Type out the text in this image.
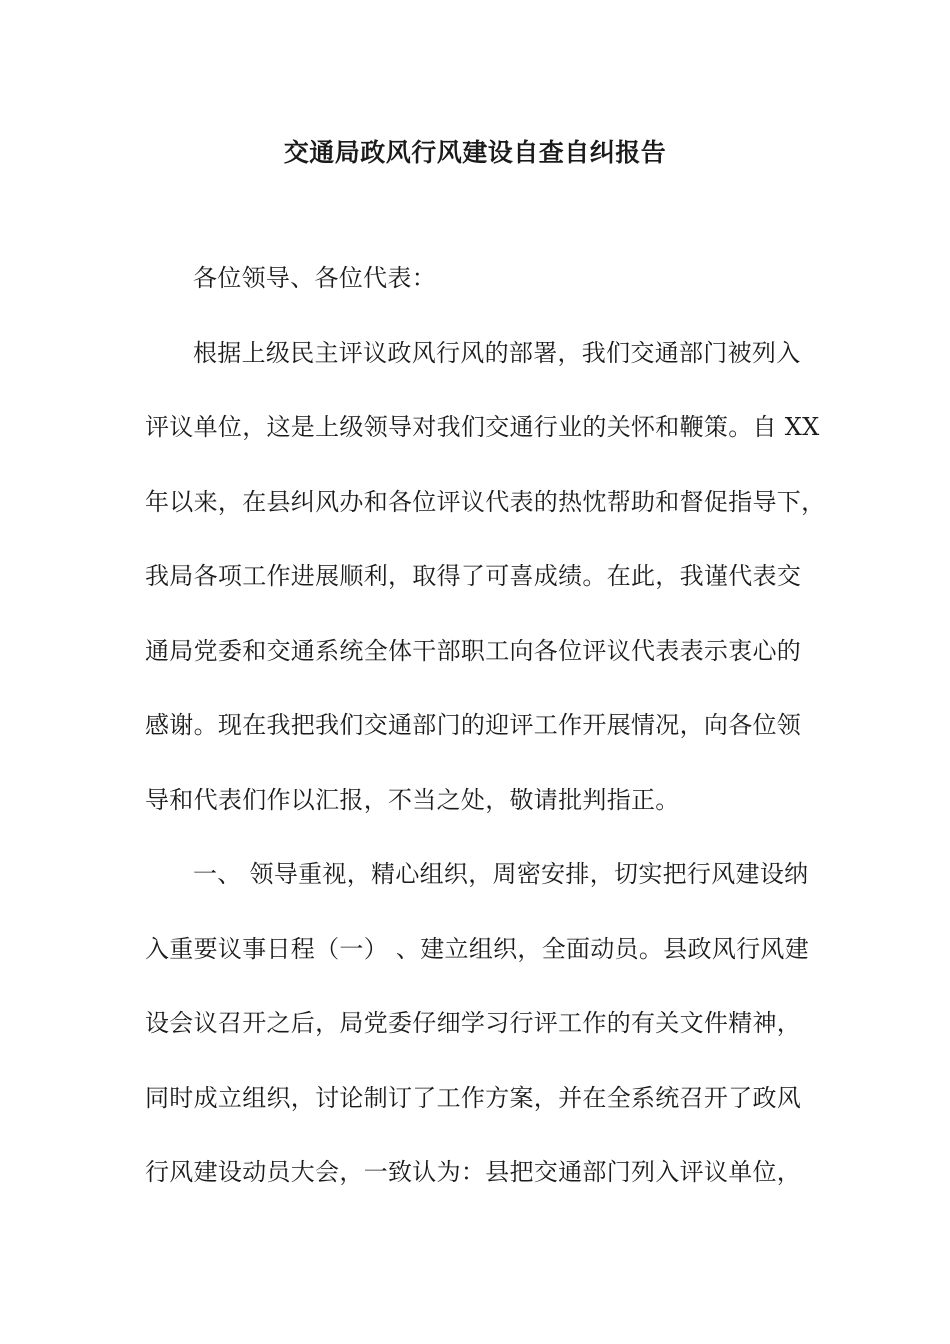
交通局政风行风建设自查自纠报告

各位领导、各位代表：

根据上级民主评议政风行风的部署，我们交通部门被列入

评议单位，这是上级领导对我们交通行业的关怀和鞭策。自 XX

年以来，在县纠风办和各位评议代表的热忱帮助和督促指导下，

我局各项工作进展顺利，取得了可喜成绩。在此，我谨代表交

通局党委和交通系统全体干部职工向各位评议代表表示衷心的

感谢。现在我把我们交通部门的迎评工作开展情况，向各位领

导和代表们作以汇报，不当之处，敬请批判指正。

一、 领导重视，精心组织，周密安排，切实把行风建设纳

入重要议事日程（一） 、建立组织，全面动员。县政风行风建

设会议召开之后，局党委仔细学习行评工作的有关文件精神，

同时成立组织，讨论制订了工作方案，并在全系统召开了政风

行风建设动员大会，一致认为：县把交通部门列入评议单位，
